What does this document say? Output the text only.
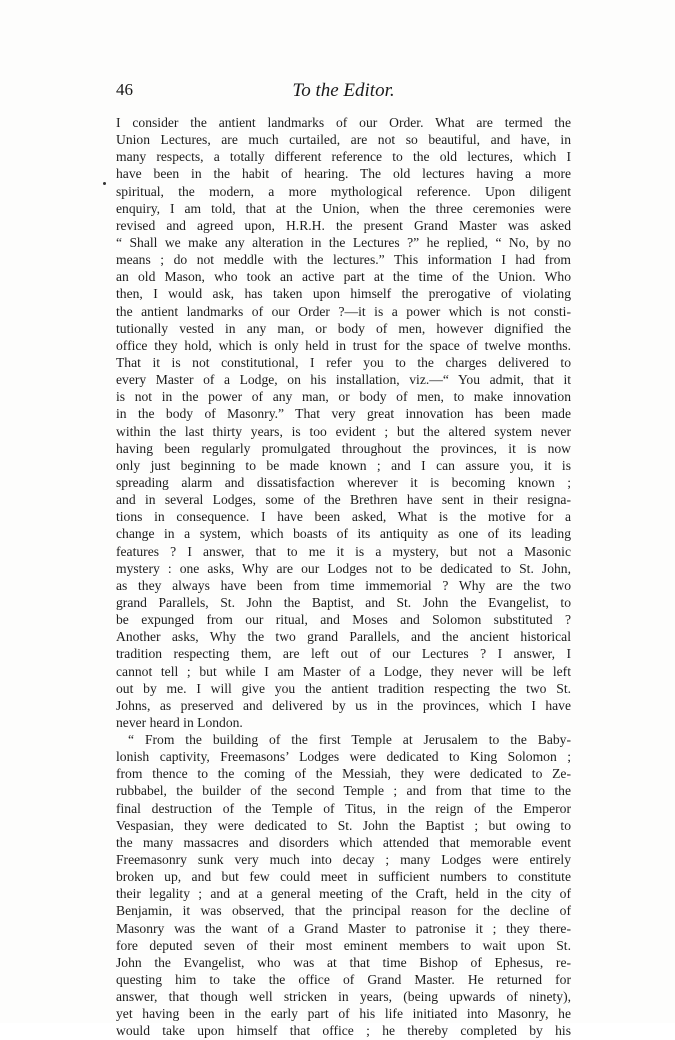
46	To the Editor.
I consider the antient landmarks of our Order. What are termed the
Union Lectures, are much curtailed, are not so beautiful, and have, in
many respects, a totally different reference to the old lectures, which I
have been in the habit of hearing. The old lectures having a more
spiritual, the modern, a more mythological reference. Upon diligent
enquiry, I am told, that at the Union, when the three ceremonies were
revised and agreed upon, H.R.H. the present Grand Master was asked
“ Shall we make any alteration in the Lectures ?” he replied, “ No, by no
means ; do not meddle with the lectures.” This information I had from
an old Mason, who took an active part at the time of the Union. Who
then, I would ask, has taken upon himself the prerogative of violating
the antient landmarks of our Order ?—it is a power which is not consti-
tutionally vested in any man, or body of men, however dignified the
office they hold, which is only held in trust for the space of twelve months.
That it is not constitutional, I refer you to the charges delivered to
every Master of a Lodge, on his installation, viz.—“ You admit, that it
is not in the power of any man, or body of men, to make innovation
in the body of Masonry.” That very great innovation has been made
within the last thirty years, is too evident ; but the altered system never
having been regularly promulgated throughout the provinces, it is now
only just beginning to be made known ; and I can assure you, it is
spreading alarm and dissatisfaction wherever it is becoming known ;
and in several Lodges, some of the Brethren have sent in their resigna-
tions in consequence. I have been asked, What is the motive for a
change in a system, which boasts of its antiquity as one of its leading
features ? I answer, that to me it is a mystery, but not a Masonic
mystery : one asks, Why are our Lodges not to be dedicated to St. John,
as they always have been from time immemorial ? Why are the two
grand Parallels, St. John the Baptist, and St. John the Evangelist, to
be expunged from our ritual, and Moses and Solomon substituted ?
Another asks, Why the two grand Parallels, and the ancient historical
tradition respecting them, are left out of our Lectures ? I answer, I
cannot tell ; but while I am Master of a Lodge, they never will be left
out by me. I will give you the antient tradition respecting the two St.
Johns, as preserved and delivered by us in the provinces, which I have
never heard in London.
“ From the building of the first Temple at Jerusalem to the Baby-
lonish captivity, Freemasons’ Lodges were dedicated to King Solomon ;
from thence to the coming of the Messiah, they were dedicated to Ze-
rubbabel, the builder of the second Temple ; and from that time to the
final destruction of the Temple of Titus, in the reign of the Emperor
Vespasian, they were dedicated to St. John the Baptist ; but owing to
the many massacres and disorders which attended that memorable event
Freemasonry sunk very much into decay ; many Lodges were entirely
broken up, and but few could meet in sufficient numbers to constitute
their legality ; and at a general meeting of the Craft, held in the city of
Benjamin, it was observed, that the principal reason for the decline of
Masonry was the want of a Grand Master to patronise it ; they there-
fore deputed seven of their most eminent members to wait upon St.
John the Evangelist, who was at that time Bishop of Ephesus, re-
questing him to take the office of Grand Master. He returned for
answer, that though well stricken in years, (being upwards of ninety),
yet having been in the early part of his life initiated into Masonry, he
would take upon himself that office ; he thereby completed by his
